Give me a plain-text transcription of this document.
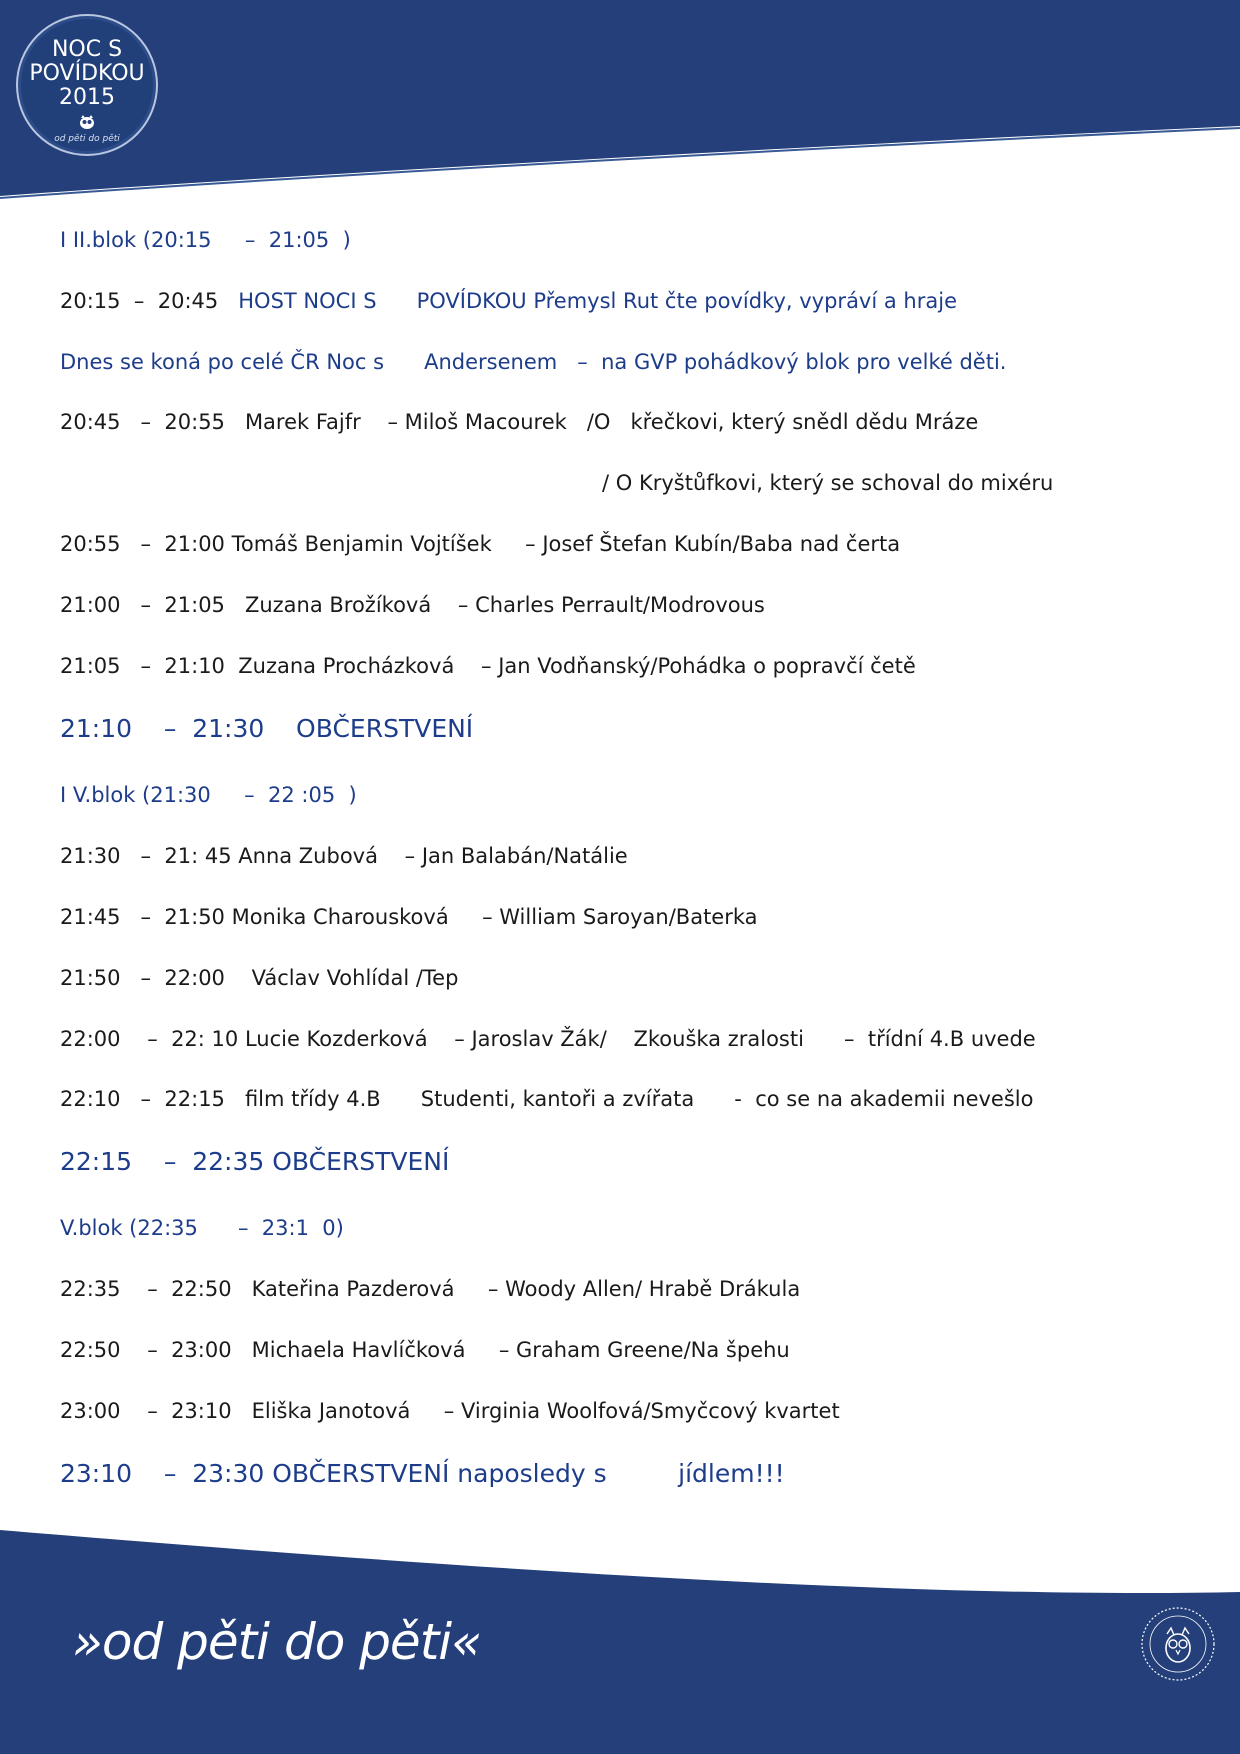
NOC S
POVÍDKOU
2015
od pěti do pěti
I II.blok (20:15     –  21:05  )
20:15  –  20:45   HOST NOCI S      POVÍDKOU Přemysl Rut čte povídky, vypráví a hraje
Dnes se koná po celé ČR Noc s      Andersenem   –  na GVP pohádkový blok pro velké děti.
20:45   –  20:55   Marek Fajfr    – Miloš Macourek   /O   křečkovi, který snědl dědu Mráze
/ O Kryštůfkovi, který se schoval do mixéru
20:55   –  21:00 Tomáš Benjamin Vojtíšek     – Josef Štefan Kubín/Baba nad čerta
21:00   –  21:05   Zuzana Brožíková    – Charles Perrault/Modrovous
21:05   –  21:10  Zuzana Procházková    – Jan Vodňanský/Pohádka o popravčí četě
21:10    –  21:30    OBČERSTVENÍ
I V.blok (21:30     –  22 :05  )
21:30   –  21: 45 Anna Zubová    – Jan Balabán/Natálie
21:45   –  21:50 Monika Charousková     – William Saroyan/Baterka
21:50   –  22:00    Václav Vohlídal /Tep
22:00    –  22: 10 Lucie Kozderková    – Jaroslav Žák/    Zkouška zralosti      –  třídní 4.B uvede
22:10   –  22:15   film třídy 4.B      Studenti, kantoři a zvířata      -  co se na akademii nevešlo
22:15    –  22:35 OBČERSTVENÍ
V.blok (22:35      –  23:1  0)
22:35    –  22:50   Kateřina Pazderová     – Woody Allen/ Hrabě Drákula
22:50    –  23:00   Michaela Havlíčková     – Graham Greene/Na špehu
23:00    –  23:10   Eliška Janotová     – Virginia Woolfová/Smyčcový kvartet
23:10    –  23:30 OBČERSTVENÍ naposledy s         jídlem!!!
»od pěti do pěti«
